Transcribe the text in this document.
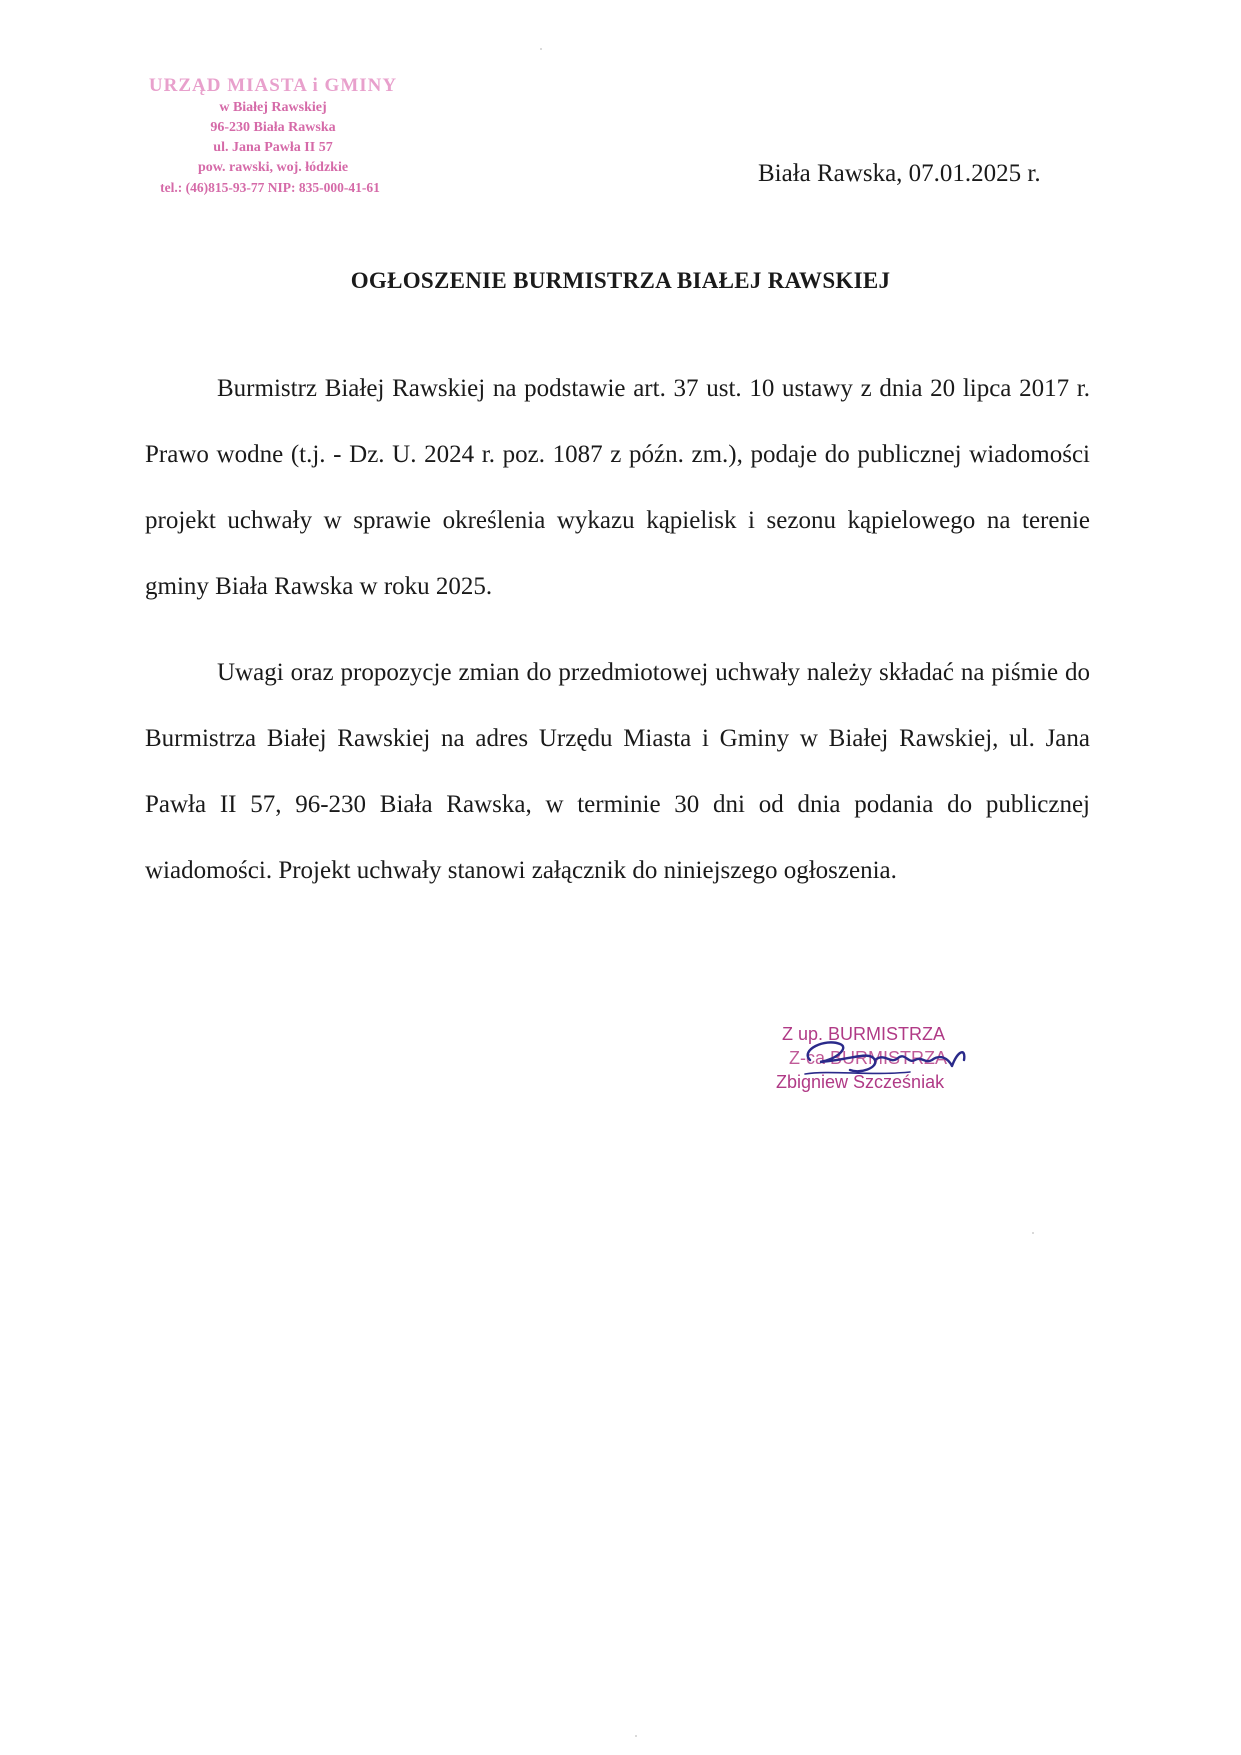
URZĄD MIASTA i GMINY
w Białej Rawskiej
96-230 Biała Rawska
ul. Jana Pawła II 57
pow. rawski, woj. łódzkie
tel.: (46)815-93-77 NIP: 835-000-41-61
Biała Rawska, 07.01.2025 r.
OGŁOSZENIE BURMISTRZA BIAŁEJ RAWSKIEJ

Burmistrz Białej Rawskiej na podstawie art. 37 ust. 10 ustawy z dnia 20 lipca 2017 r. Prawo wodne (t.j. - Dz. U. 2024 r. poz. 1087 z późn. zm.), podaje do publicznej wiadomości projekt uchwały w sprawie określenia wykazu kąpielisk i sezonu kąpielowego na terenie gminy Biała Rawska w roku 2025.

Uwagi oraz propozycje zmian do przedmiotowej uchwały należy składać na piśmie do Burmistrza Białej Rawskiej na adres Urzędu Miasta i Gminy w Białej Rawskiej, ul. Jana Pawła II 57, 96-230 Biała Rawska, w terminie 30 dni od dnia podania do publicznej wiadomości. Projekt uchwały stanowi załącznik do niniejszego ogłoszenia.

Z up. BURMISTRZA
Z-ca BURMISTRZA
Zbigniew Szcześniak
